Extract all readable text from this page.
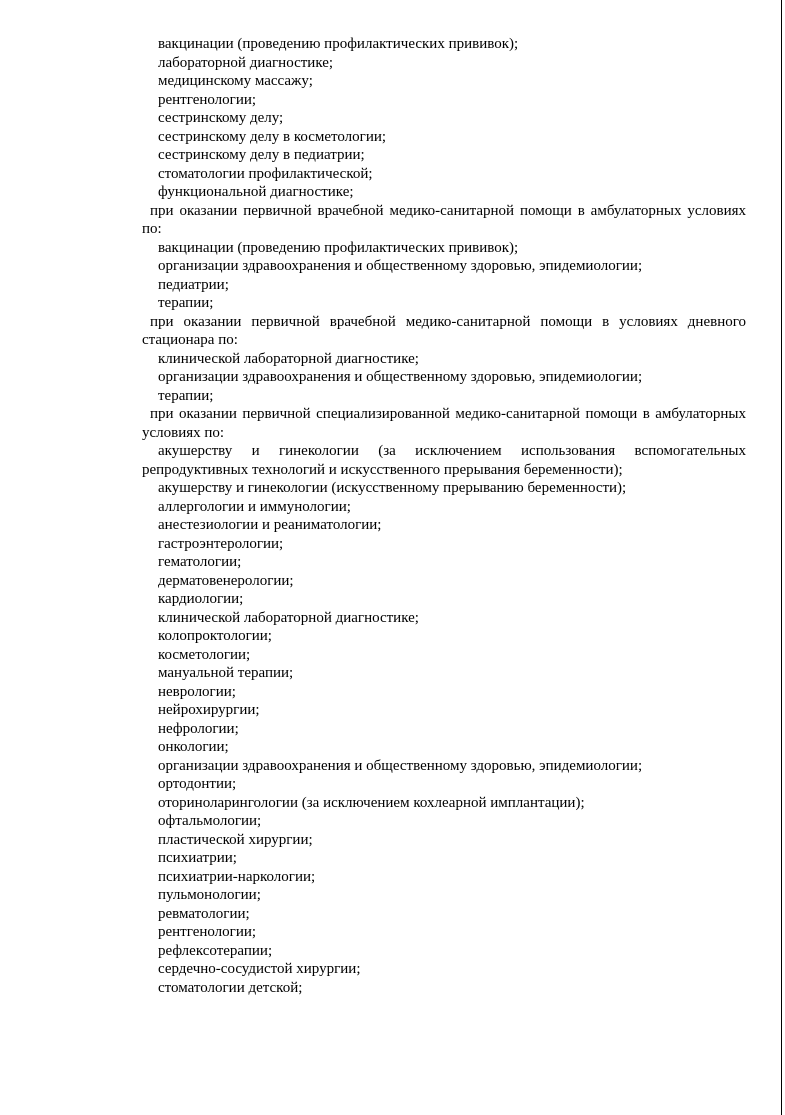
вакцинации (проведению профилактических прививок);

лабораторной диагностике;

медицинскому массажу;

рентгенологии;

сестринскому делу;

сестринскому делу в косметологии;

сестринскому делу в педиатрии;

стоматологии профилактической;

функциональной диагностике;

при оказании первичной врачебной медико-санитарной помощи в амбулаторных условиях по:

вакцинации (проведению профилактических прививок);

организации здравоохранения и общественному здоровью, эпидемиологии;

педиатрии;

терапии;

при оказании первичной врачебной медико-санитарной помощи в условиях дневного стационара по:

клинической лабораторной диагностике;

организации здравоохранения и общественному здоровью, эпидемиологии;

терапии;

при оказании первичной специализированной медико-санитарной помощи в амбулаторных условиях по:

акушерству и гинекологии (за исключением использования вспомогательных репродуктивных технологий и искусственного прерывания беременности);

акушерству и гинекологии (искусственному прерыванию беременности);

аллергологии и иммунологии;

анестезиологии и реаниматологии;

гастроэнтерологии;

гематологии;

дерматовенерологии;

кардиологии;

клинической лабораторной диагностике;

колопроктологии;

косметологии;

мануальной терапии;

неврологии;

нейрохирургии;

нефрологии;

онкологии;

организации здравоохранения и общественному здоровью, эпидемиологии;

ортодонтии;

оториноларингологии (за исключением кохлеарной имплантации);

офтальмологии;

пластической хирургии;

психиатрии;

психиатрии-наркологии;

пульмонологии;

ревматологии;

рентгенологии;

рефлексотерапии;

сердечно-сосудистой хирургии;

стоматологии детской;
